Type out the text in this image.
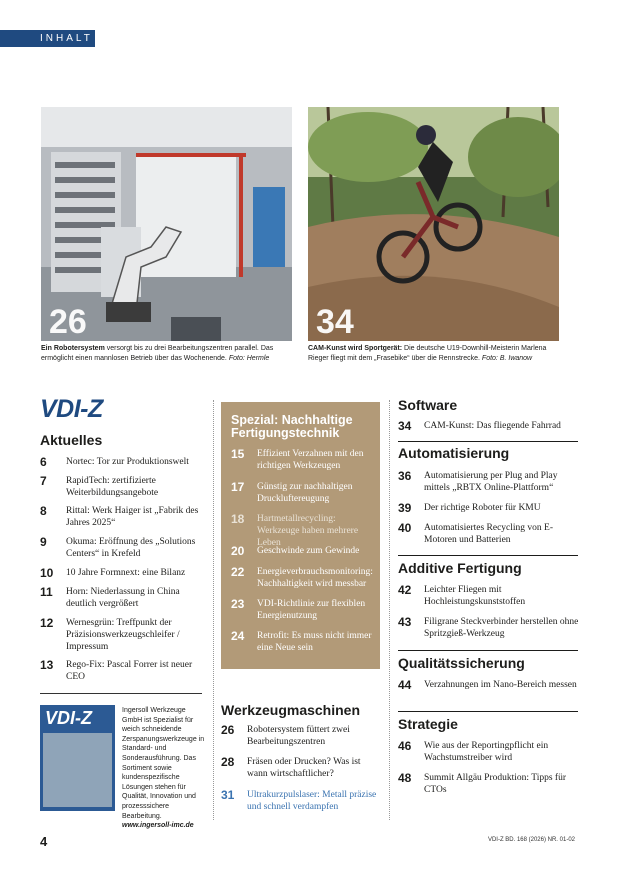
INHALT
26	34
Ein Robotersystem versorgt bis zu drei Bearbeitungszentren parallel. Das ermöglicht einen mannlosen Betrieb über das Wochenende. Foto: Hermle
CAM-Kunst wird Sportgerät: Die deutsche U19-Downhill-Meisterin Marlena Rieger fliegt mit dem „Frasebike“ über die Rennstrecke. Foto: B. Iwanow
VDI-Z
Aktuelles
6	Nortec: Tor zur Produktionswelt
7	RapidTech: zertifizierte Weiterbildungsangebote
8	Rittal: Werk Haiger ist „Fabrik des Jahres 2025“
9	Okuma: Eröffnung des „Solutions Centers“ in Krefeld
10	10 Jahre Formnext: eine Bilanz
11	Horn: Niederlassung in China deutlich vergrößert
12	Wernesgrün: Treffpunkt der Präzisionswerkzeugschleifer / Impressum
13	Rego-Fix: Pascal Forrer ist neuer CEO
VDI-Z	Ingersoll Werkzeuge GmbH ist Spezialist für weich schneidende Zerspanungswerkzeuge in Standard- und Sonderausführung. Das Sortiment sowie kundenspezifische Lösungen stehen für Qualität, Innovation und prozesssichere Bearbeitung. www.ingersoll-imc.de
Spezial: Nachhaltige Fertigungstechnik
15	Effizient Verzahnen mit den richtigen Werkzeugen
17	Günstig zur nachhaltigen Druckluftereugung
18	Hartmetallrecycling: Werkzeuge haben mehrere Leben
20	Geschwinde zum Gewinde
22	Energieverbrauchsmonitoring: Nachhaltigkeit wird messbar
23	VDI-Richtlinie zur flexiblen Energienutzung
24	Retrofit: Es muss nicht immer eine Neue sein
Werkzeugmaschinen
26	Robotersystem füttert zwei Bearbeitungszentren
28	Fräsen oder Drucken? Was ist wann wirtschaftlicher?
31	Ultrakurzpulslaser: Metall präzise und schnell verdampfen
Software
34	CAM-Kunst: Das fliegende Fahrrad
Automatisierung
36	Automatisierung per Plug and Play mittels „RBTX Online-Plattform“
39	Der richtige Roboter für KMU
40	Automatisiertes Recycling von E-Motoren und Batterien
Additive Fertigung
42	Leichter Fliegen mit Hochleistungskunststoffen
43	Filigrane Steckverbinder herstellen ohne Spritzgieß-Werkzeug
Qualitätssicherung
44	Verzahnungen im Nano-Bereich messen
Strategie
46	Wie aus der Reportingpflicht ein Wachstumstreiber wird
48	Summit Allgäu Produktion: Tipps für CTOs
4	VDI-Z BD. 168 (2026) NR. 01-02
